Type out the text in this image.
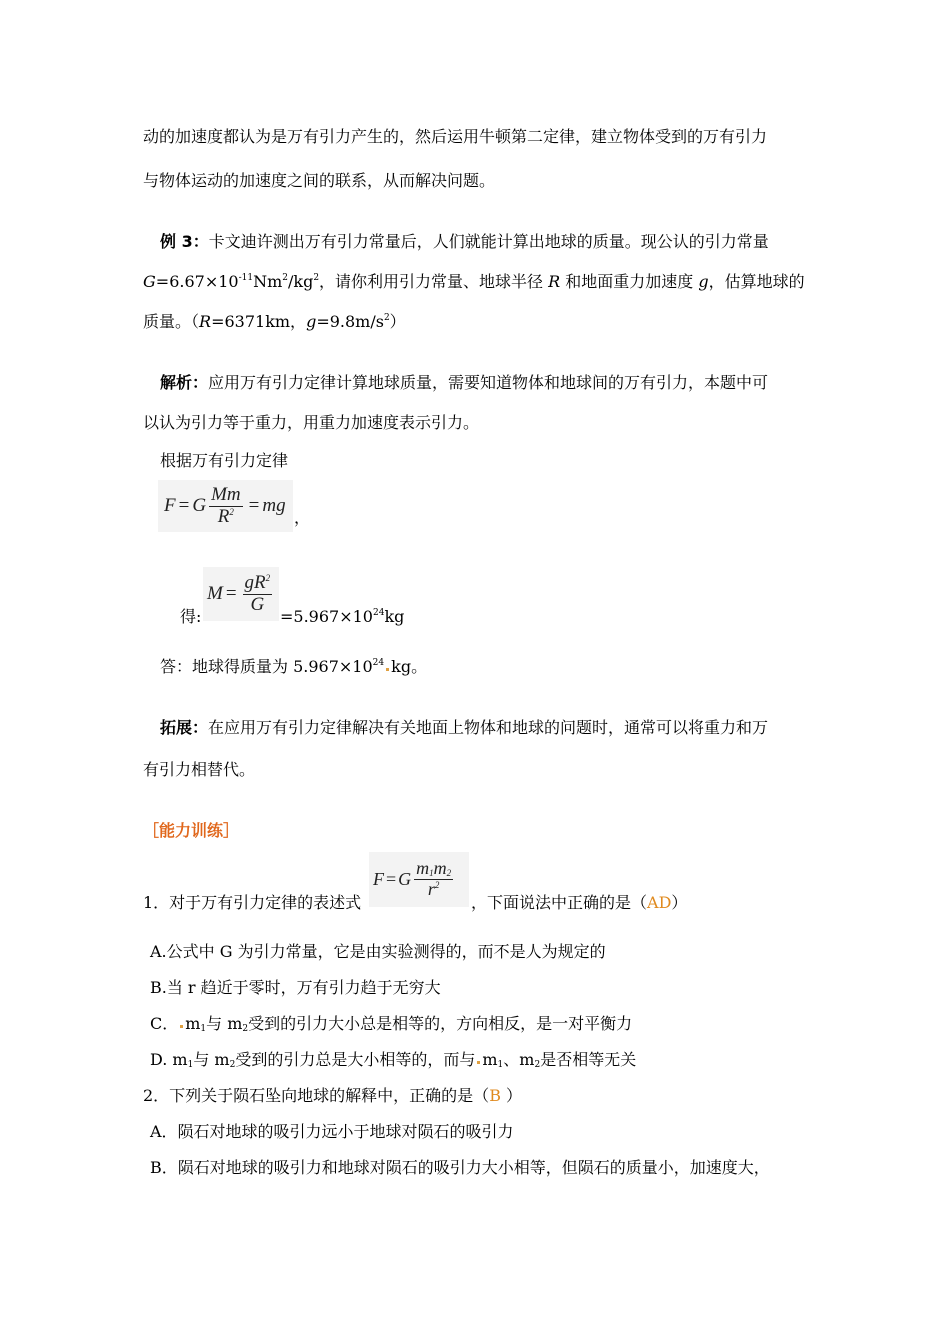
动的加速度都认为是万有引力产生的，然后运用牛顿第二定律，建立物体受到的万有引力
与物体运动的加速度之间的联系，从而解决问题。
例 3：卡文迪许测出万有引力常量后，人们就能计算出地球的质量。现公认的引力常量
$G=6.67\times 10^{-11}Nm^2/kg^2$，请你利用引力常量、地球半径 R 和地面重力加速度 g，估算地球的
质量。（R=6371km，$g=9.8m/s^2$）
解析：应用万有引力定律计算地球质量，需要知道物体和地球间的万有引力，本题中可
以认为引力等于重力，用重力加速度表示引力。
根据万有引力定律
F = G $\frac{Mm}{R^2}$ = mg
，
得:
$M = \frac{gR^2}{G}$
$=5.967\times 10^{24}kg$
答：地球得质量为 $5.967\times 10^{24}$ kg。
拓展：在应用万有引力定律解决有关地面上物体和地球的问题时，通常可以将重力和万
有引力相替代。
［能力训练］
F = G $\frac{m_1m_2}{r^2}$
1．对于万有引力定律的表述式	，下面说法中正确的是（AD）
A.公式中 G 为引力常量，它是由实验测得的，而不是人为规定的
B.当 r 趋近于零时，万有引力趋于无穷大
C． $m_1$与 $m_2$受到的引力大小总是相等的，方向相反，是一对平衡力
D. $m_1$与 $m_2$受到的引力总是大小相等的，而与 $m_1$、$m_2$是否相等无关
2．下列关于陨石坠向地球的解释中，正确的是（B ）
A．陨石对地球的吸引力远小于地球对陨石的吸引力
B．陨石对地球的吸引力和地球对陨石的吸引力大小相等，但陨石的质量小，加速度大，
